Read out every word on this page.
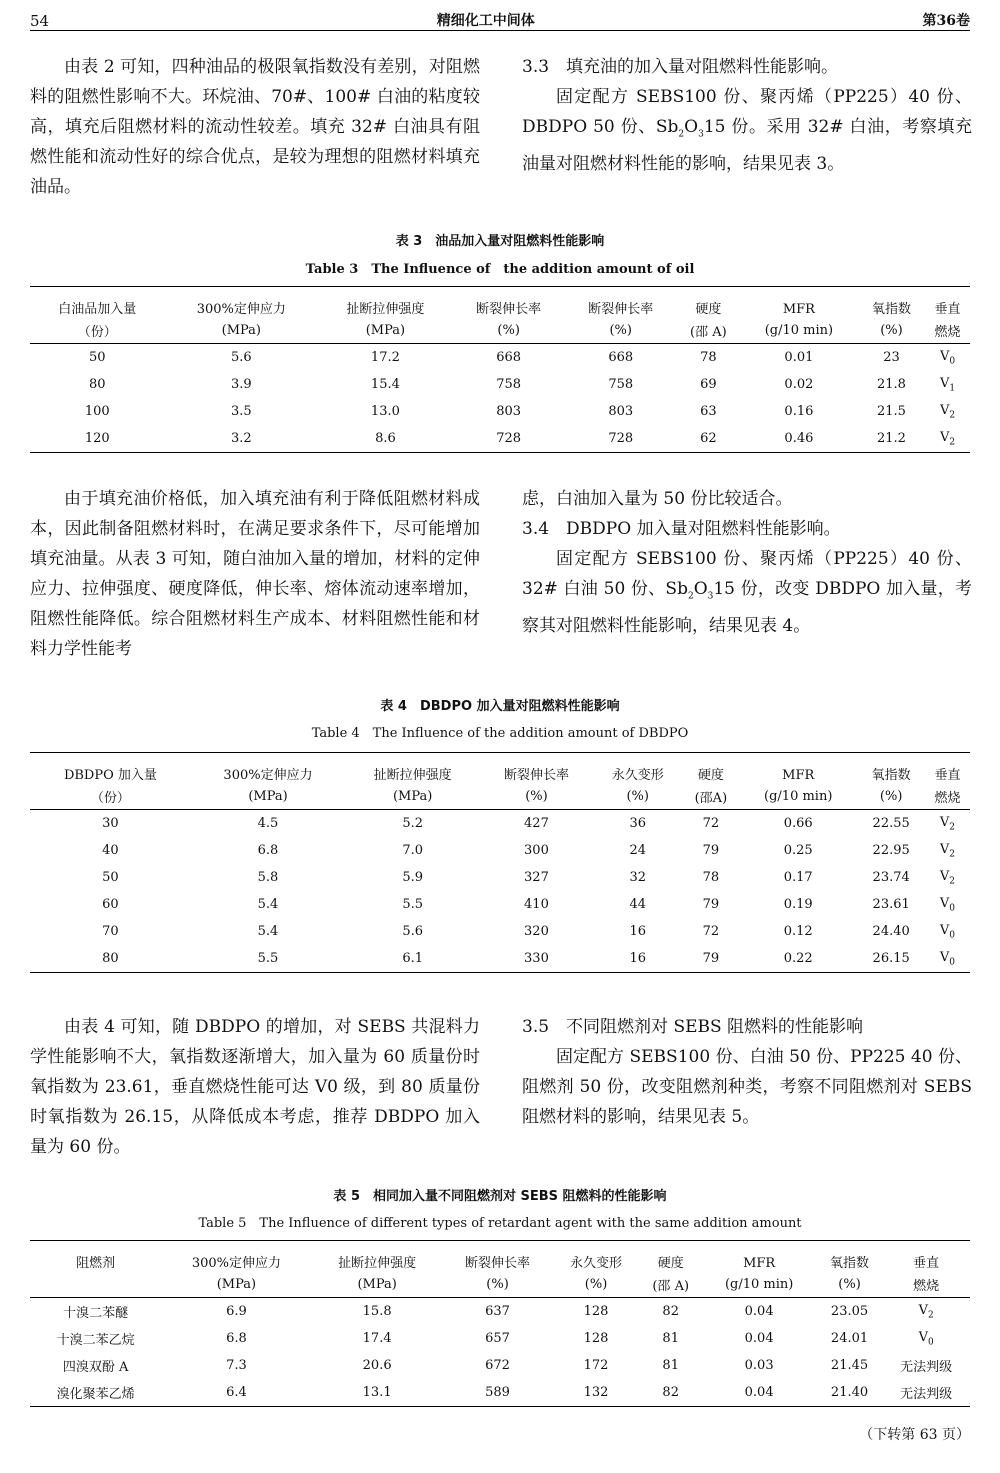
54	精细化工中间体	第36卷

由表 2 可知，四种油品的极限氧指数没有差别，对阻燃料的阻燃性影响不大。环烷油、70#、100# 白油的粘度较高，填充后阻燃材料的流动性较差。填充 32# 白油具有阻燃性能和流动性好的综合优点，是较为理想的阻燃材料填充油品。

3.3　填充油的加入量对阻燃料性能影响。

固定配方 SEBS100 份、聚丙烯（PP225）40 份、DBDPO 50 份、$Sb_2O_315$ 份。采用 32# 白油，考察填充油量对阻燃材料性能的影响，结果见表 3。

表 3　油品加入量对阻燃料性能影响
Table 3　The Influence of　the addition amount of oil
白油品加入量	300%定伸应力	扯断拉伸强度	断裂伸长率	断裂伸长率	硬度	MFR	氧指数	垂直
（份）	(MPa)	(MPa)	(%)	(%)	(邵 A)	(g/10 min)	(%)	燃烧
50	5.6	17.2	668	668	78	0.01	23	$V_0$
80	3.9	15.4	758	758	69	0.02	21.8	$V_1$
100	3.5	13.0	803	803	63	0.16	21.5	$V_2$
120	3.2	8.6	728	728	62	0.46	21.2	$V_2$

由于填充油价格低，加入填充油有利于降低阻燃材料成本，因此制备阻燃材料时，在满足要求条件下，尽可能增加填充油量。从表 3 可知，随白油加入量的增加，材料的定伸应力、拉伸强度、硬度降低，伸长率、熔体流动速率增加，阻燃性能降低。综合阻燃材料生产成本、材料阻燃性能和材料力学性能考

虑，白油加入量为 50 份比较适合。

3.4　DBDPO 加入量对阻燃料性能影响。

固定配方 SEBS100 份、聚丙烯（PP225）40 份、32# 白油 50 份、$Sb_2O_315$ 份，改变 DBDPO 加入量，考察其对阻燃料性能影响，结果见表 4。

表 4　DBDPO 加入量对阻燃料性能影响
Table 4　The Influence of the addition amount of DBDPO
DBDPO 加入量	300%定伸应力	扯断拉伸强度	断裂伸长率	永久变形	硬度	MFR	氧指数	垂直
（份）	(MPa)	(MPa)	(%)	(%)	(邵A)	(g/10 min)	(%)	燃烧
30	4.5	5.2	427	36	72	0.66	22.55	$V_2$
40	6.8	7.0	300	24	79	0.25	22.95	$V_2$
50	5.8	5.9	327	32	78	0.17	23.74	$V_2$
60	5.4	5.5	410	44	79	0.19	23.61	$V_0$
70	5.4	5.6	320	16	72	0.12	24.40	$V_0$
80	5.5	6.1	330	16	79	0.22	26.15	$V_0$

由表 4 可知，随 DBDPO 的增加，对 SEBS 共混料力学性能影响不大，氧指数逐渐增大，加入量为 60 质量份时氧指数为 23.61，垂直燃烧性能可达 V0 级，到 80 质量份时氧指数为 26.15，从降低成本考虑，推荐 DBDPO 加入量为 60 份。

3.5　不同阻燃剂对 SEBS 阻燃料的性能影响

固定配方 SEBS100 份、白油 50 份、PP225 40 份、阻燃剂 50 份，改变阻燃剂种类，考察不同阻燃剂对 SEBS 阻燃材料的影响，结果见表 5。

表 5　相同加入量不同阻燃剂对 SEBS 阻燃料的性能影响
Table 5　The Influence of different types of retardant agent with the same addition amount
阻燃剂	300%定伸应力	扯断拉伸强度	断裂伸长率	永久变形	硬度	MFR	氧指数	垂直
	(MPa)	(MPa)	(%)	(%)	(邵 A)	(g/10 min)	(%)	燃烧
十溴二苯醚	6.9	15.8	637	128	82	0.04	23.05	$V_2$
十溴二苯乙烷	6.8	17.4	657	128	81	0.04	24.01	$V_0$
四溴双酚 A	7.3	20.6	672	172	81	0.03	21.45	无法判级
溴化聚苯乙烯	6.4	13.1	589	132	82	0.04	21.40	无法判级
（下转第 63 页）
